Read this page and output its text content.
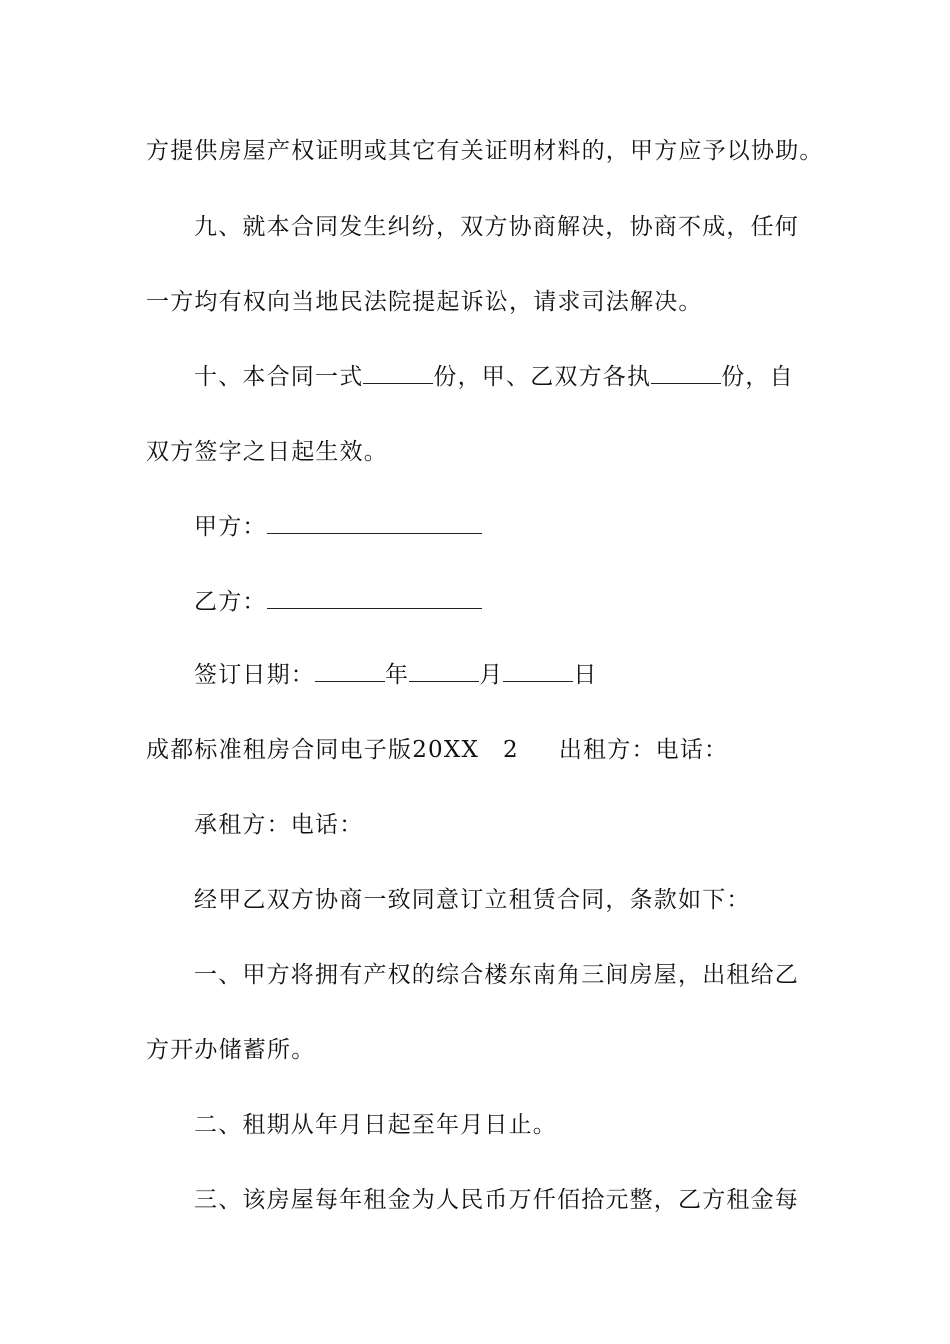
方提供房屋产权证明或其它有关证明材料的，甲方应予以协助。
九、就本合同发生纠纷，双方协商解决，协商不成，任何
一方均有权向当地民法院提起诉讼，请求司法解决。
十、本合同一式	份，甲、乙双方各执	份，自
双方签字之日起生效。
甲方：
乙方：
签订日期：	年	月	日
成都标准租房合同电子版20XX 2 出租方：电话：
承租方：电话：
经甲乙双方协商一致同意订立租赁合同，条款如下：
一、甲方将拥有产权的综合楼东南角三间房屋，出租给乙
方开办储蓄所。
二、租期从年月日起至年月日止。
三、该房屋每年租金为人民币万仟佰拾元整，乙方租金每
